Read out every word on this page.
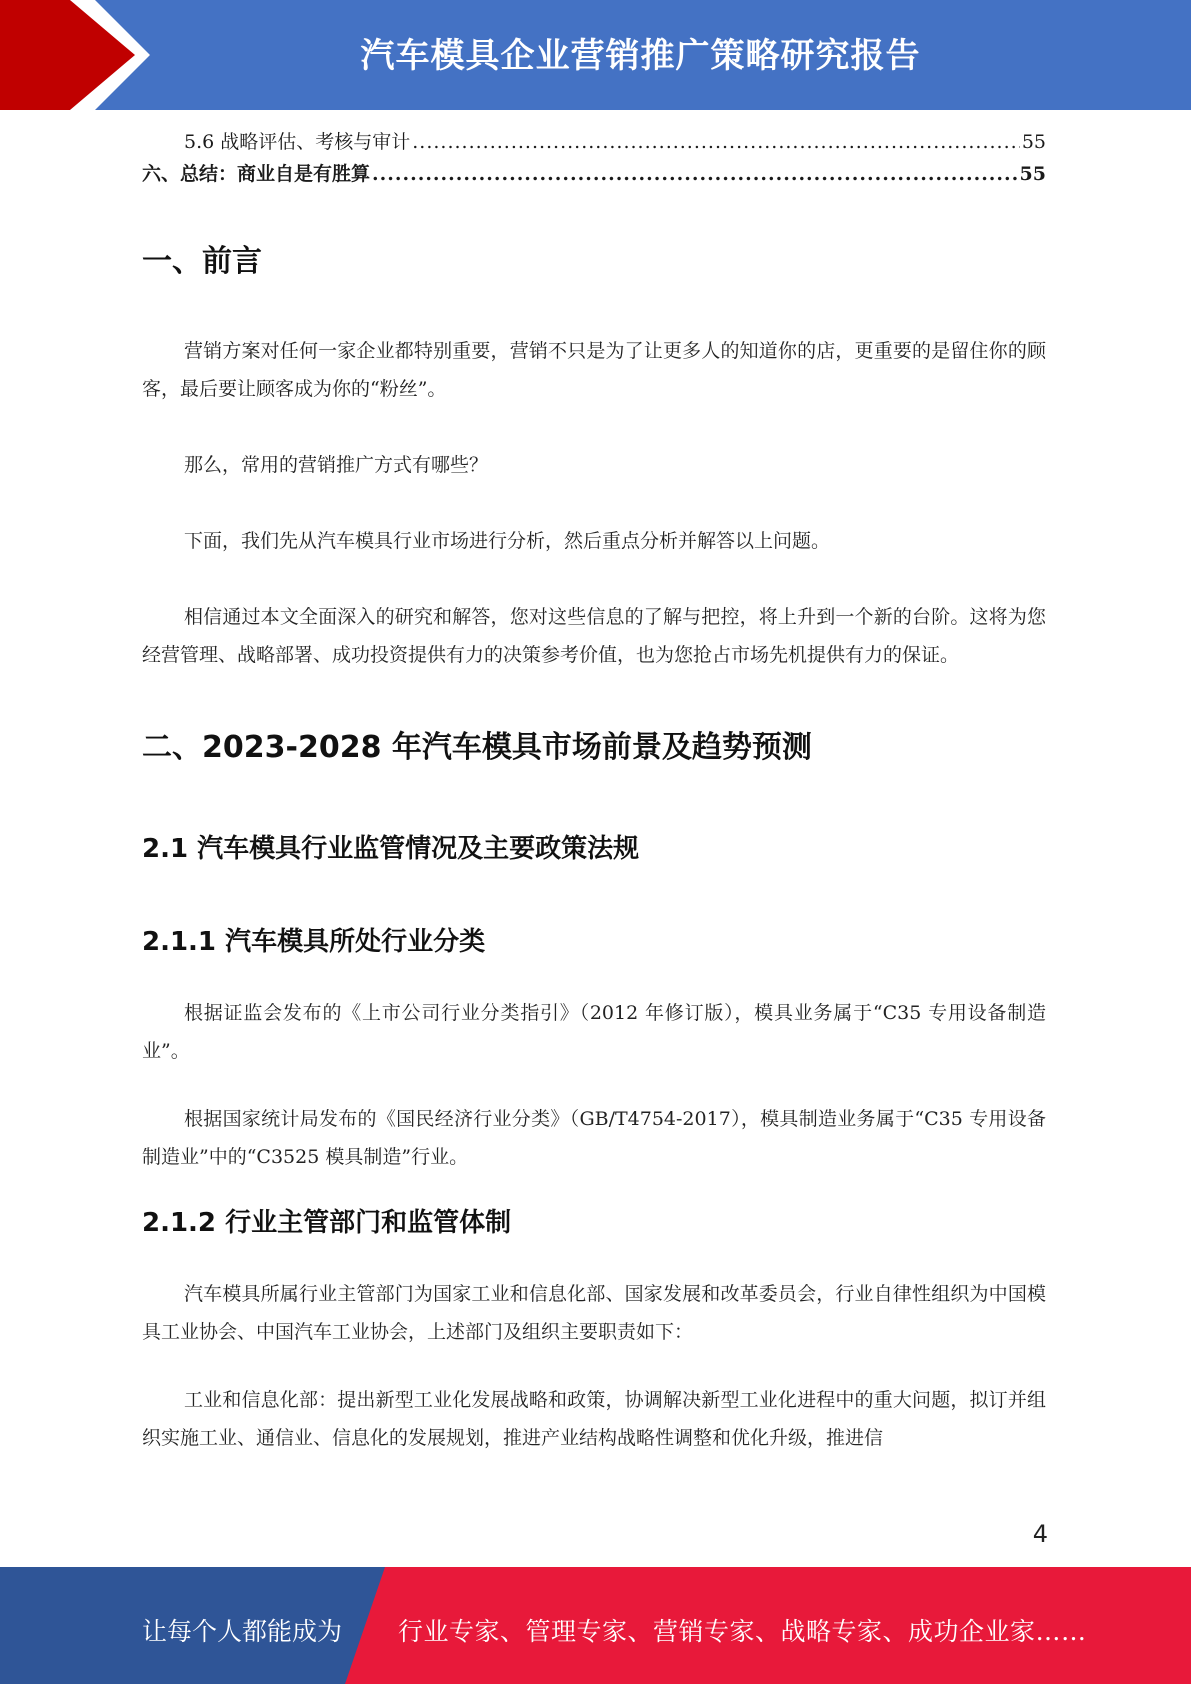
汽车模具企业营销推广策略研究报告
5.6 战略评估、考核与审计 .....	55
六、总结：商业自是有胜算 .....	55
一、前言

营销方案对任何一家企业都特别重要，营销不只是为了让更多人的知道你的店，更重要的是留住你的顾客，最后要让顾客成为你的“粉丝”。

那么，常用的营销推广方式有哪些？

下面，我们先从汽车模具行业市场进行分析，然后重点分析并解答以上问题。

相信通过本文全面深入的研究和解答，您对这些信息的了解与把控，将上升到一个新的台阶。这将为您经营管理、战略部署、成功投资提供有力的决策参考价值，也为您抢占市场先机提供有力的保证。

二、2023-2028 年汽车模具市场前景及趋势预测
2.1 汽车模具行业监管情况及主要政策法规
2.1.1 汽车模具所处行业分类

根据证监会发布的《上市公司行业分类指引》（2012 年修订版），模具业务属于“C35 专用设备制造业”。

根据国家统计局发布的《国民经济行业分类》（GB/T4754-2017），模具制造业务属于“C35 专用设备制造业”中的“C3525 模具制造”行业。

2.1.2 行业主管部门和监管体制

汽车模具所属行业主管部门为国家工业和信息化部、国家发展和改革委员会，行业自律性组织为中国模具工业协会、中国汽车工业协会，上述部门及组织主要职责如下：

工业和信息化部：提出新型工业化发展战略和政策，协调解决新型工业化进程中的重大问题，拟订并组织实施工业、通信业、信息化的发展规划，推进产业结构战略性调整和优化升级，推进信

4
让每个人都能成为 行业专家、管理专家、营销专家、战略专家、成功企业家……
